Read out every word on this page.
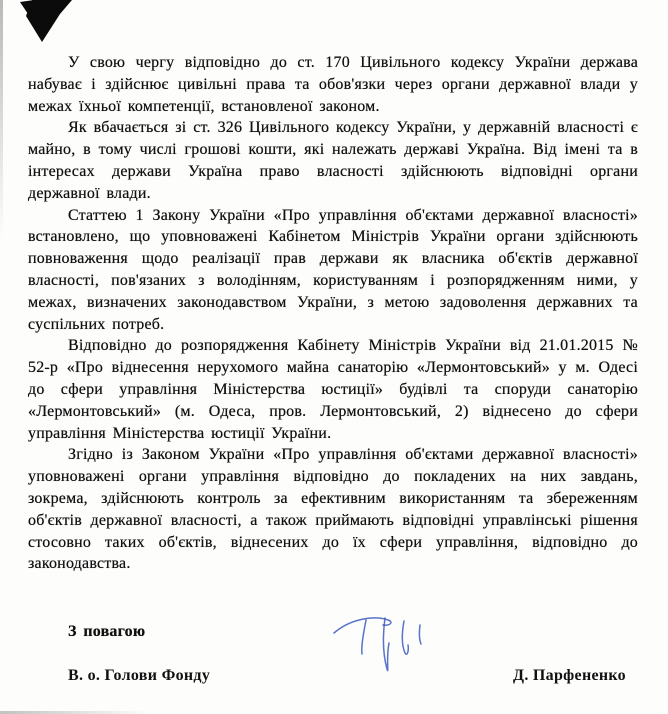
У свою чергу відповідно до ст. 170 Цивільного кодексу України держава набуває і здійснює цивільні права та обов'язки через органи державної влади у межах їхньої компетенції, встановленої законом.

Як вбачається зі ст. 326 Цивільного кодексу України, у державній власності є майно, в тому числі грошові кошти, які належать державі Україна. Від імені та в інтересах держави Україна право власності здійснюють відповідні органи державної влади.

Статтею 1 Закону України «Про управління об'єктами державної власності» встановлено, що уповноважені Кабінетом Міністрів України органи здійснюють повноваження щодо реалізації прав держави як власника об'єктів державної власності, пов'язаних з володінням, користуванням і розпорядженням ними, у межах, визначених законодавством України, з метою задоволення державних та суспільних потреб.

Відповідно до розпорядження Кабінету Міністрів України від 21.01.2015 № 52-р «Про віднесення нерухомого майна санаторію «Лермонтовський» у м. Одесі до сфери управління Міністерства юстиції» будівлі та споруди санаторію «Лермонтовський» (м. Одеса, пров. Лермонтовський, 2) віднесено до сфери управління Міністерства юстиції України.

Згідно із Законом України «Про управління об'єктами державної власності» уповноважені органи управління відповідно до покладених на них завдань, зокрема, здійснюють контроль за ефективним використанням та збереженням об'єктів державної власності, а також приймають відповідні управлінські рішення стосовно таких об'єктів, віднесених до їх сфери управління, відповідно до законодавства.

З повагою

В. о. Голови Фонду	Д. Парфененко
